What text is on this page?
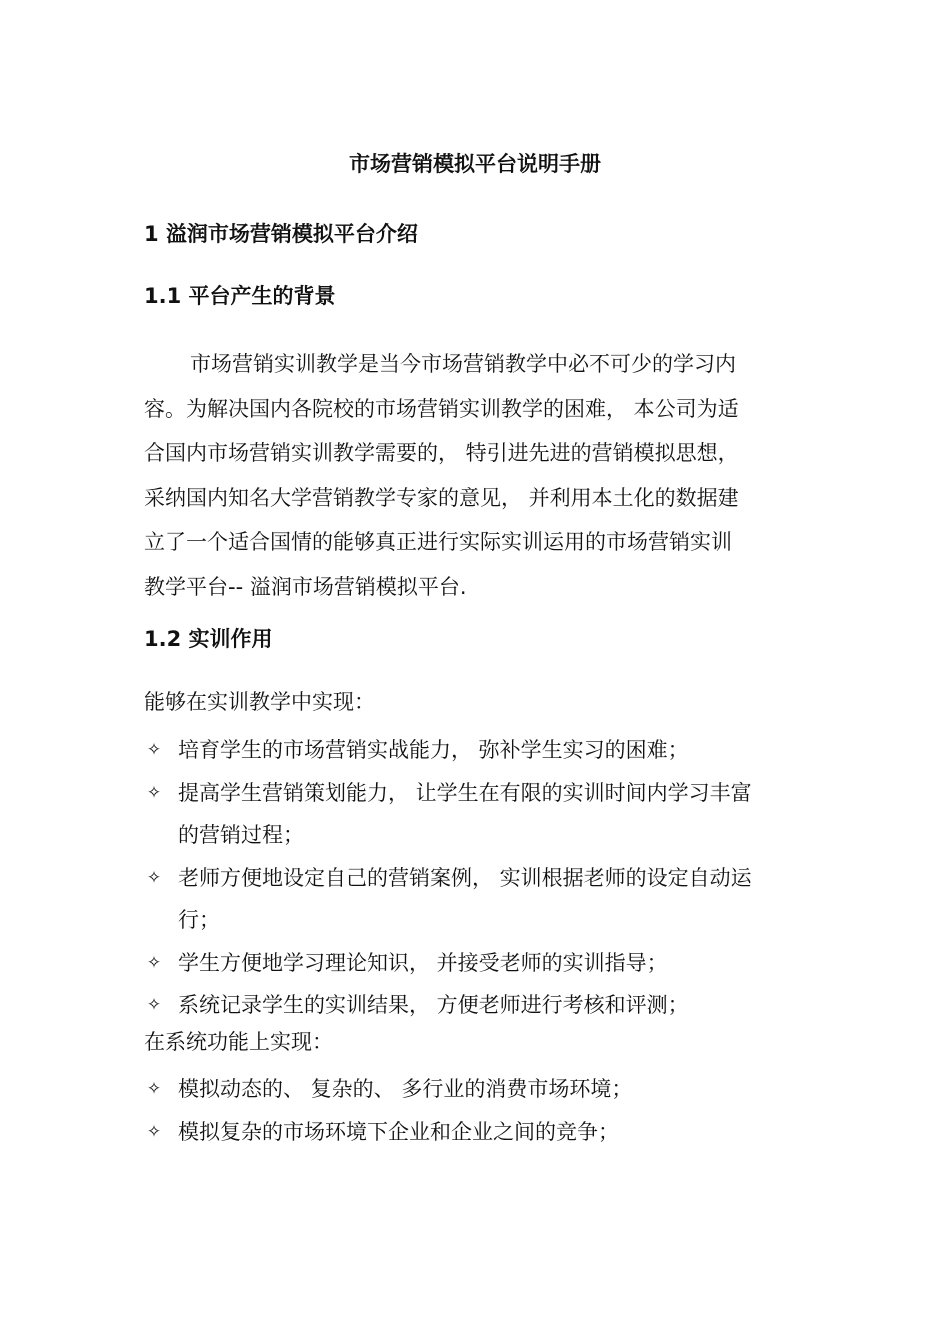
市场营销模拟平台说明手册
1 溢润市场营销模拟平台介绍
1.1 平台产生的背景
市场营销实训教学是当今市场营销教学中必不可少的学习内
容。为解决国内各院校的市场营销实训教学的困难， 本公司为适
合国内市场营销实训教学需要的， 特引进先进的营销模拟思想，
采纳国内知名大学营销教学专家的意见， 并利用本土化的数据建
立了一个适合国情的能够真正进行实际实训运用的市场营销实训
教学平台-- 溢润市场营销模拟平台.
1.2 实训作用
能够在实训教学中实现：
✧ 培育学生的市场营销实战能力， 弥补学生实习的困难；
✧ 提高学生营销策划能力， 让学生在有限的实训时间内学习丰富
的营销过程；
✧ 老师方便地设定自己的营销案例， 实训根据老师的设定自动运
行；
✧ 学生方便地学习理论知识， 并接受老师的实训指导；
✧ 系统记录学生的实训结果， 方便老师进行考核和评测；
在系统功能上实现：
✧ 模拟动态的、 复杂的、 多行业的消费市场环境；
✧ 模拟复杂的市场环境下企业和企业之间的竞争；
